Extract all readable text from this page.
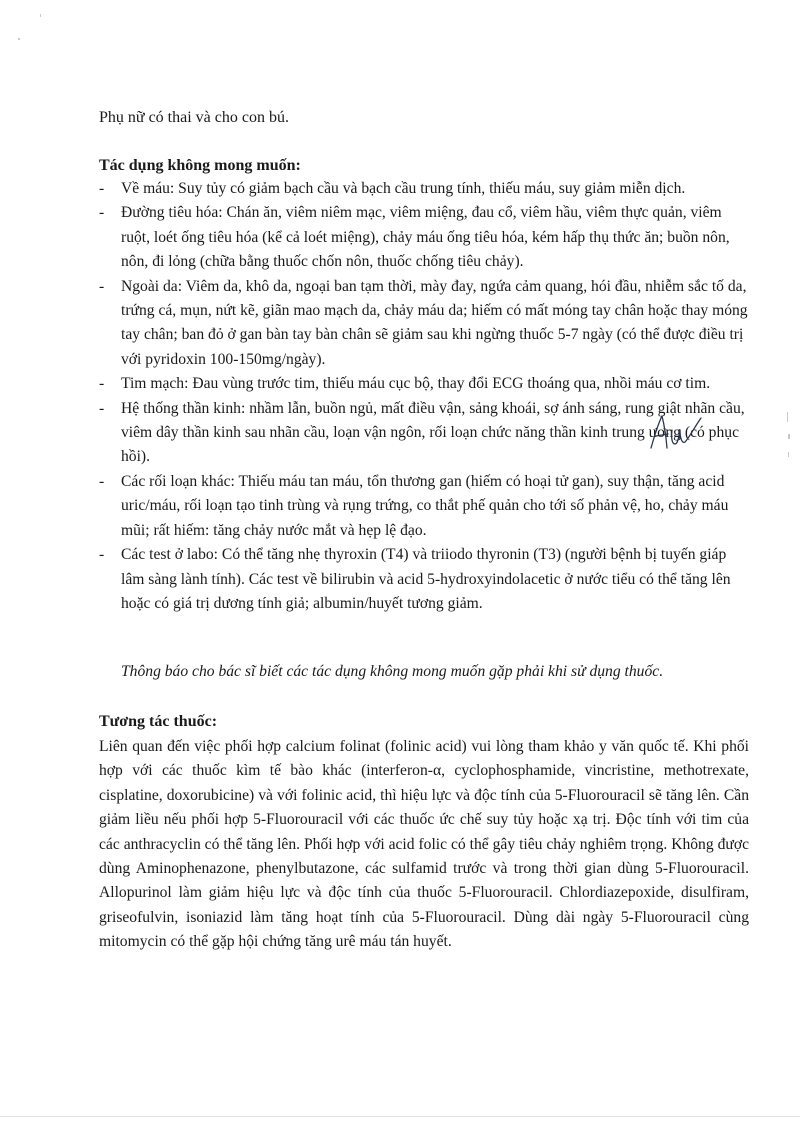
Phụ nữ có thai và cho con bú.
Tác dụng không mong muốn:
- Về máu: Suy tủy có giảm bạch cầu và bạch cầu trung tính, thiếu máu, suy giảm miễn dịch.
- Đường tiêu hóa: Chán ăn, viêm niêm mạc, viêm miệng, đau cổ, viêm hầu, viêm thực quản, viêm ruột, loét ống tiêu hóa (kể cả loét miệng), chảy máu ống tiêu hóa, kém hấp thụ thức ăn; buồn nôn, nôn, đi lỏng (chữa bằng thuốc chốn nôn, thuốc chống tiêu chảy).
- Ngoài da: Viêm da, khô da, ngoại ban tạm thời, mày đay, ngứa cảm quang, hói đầu, nhiễm sắc tố da, trứng cá, mụn, nứt kẽ, giãn mao mạch da, chảy máu da; hiếm có mất móng tay chân hoặc thay móng tay chân; ban đỏ ở gan bàn tay bàn chân sẽ giảm sau khi ngừng thuốc 5-7 ngày (có thể được điều trị với pyridoxin 100-150mg/ngày).
- Tim mạch: Đau vùng trước tim, thiếu máu cục bộ, thay đổi ECG thoáng qua, nhồi máu cơ tim.
- Hệ thống thần kinh: nhầm lẫn, buồn ngủ, mất điều vận, sảng khoái, sợ ánh sáng, rung giật nhãn cầu, viêm dây thần kinh sau nhãn cầu, loạn vận ngôn, rối loạn chức năng thần kinh trung ương (có phục hồi).
- Các rối loạn khác: Thiếu máu tan máu, tổn thương gan (hiếm có hoại tử gan), suy thận, tăng acid uric/máu, rối loạn tạo tinh trùng và rụng trứng, co thắt phế quản cho tới số phản vệ, ho, chảy máu mũi; rất hiếm: tăng chảy nước mắt và hẹp lệ đạo.
- Các test ở labo: Có thể tăng nhẹ thyroxin (T4) và triiodo thyronin (T3) (người bệnh bị tuyến giáp lâm sàng lành tính). Các test về bilirubin và acid 5-hydroxyindolacetic ở nước tiểu có thể tăng lên hoặc có giá trị dương tính giả; albumin/huyết tương giảm.
Thông báo cho bác sĩ biết các tác dụng không mong muốn gặp phải khi sử dụng thuốc.
Tương tác thuốc:

Liên quan đến việc phối hợp calcium folinat (folinic acid) vui lòng tham khảo y văn quốc tế. Khi phối hợp với các thuốc kìm tế bào khác (interferon-α, cyclophosphamide, vincristine, methotrexate, cisplatine, doxorubicine) và với folinic acid, thì hiệu lực và độc tính của 5-Fluorouracil sẽ tăng lên. Cần giảm liều nếu phối hợp 5-Fluorouracil với các thuốc ức chế suy tủy hoặc xạ trị. Độc tính với tim của các anthracyclin có thể tăng lên. Phối hợp với acid folic có thể gây tiêu chảy nghiêm trọng. Không được dùng Aminophenazone, phenylbutazone, các sulfamid trước và trong thời gian dùng 5-Fluorouracil. Allopurinol làm giảm hiệu lực và độc tính của thuốc 5-Fluorouracil. Chlordiazepoxide, disulfiram, griseofulvin, isoniazid làm tăng hoạt tính của 5-Fluorouracil. Dùng dài ngày 5-Fluorouracil cùng mitomycin có thể gặp hội chứng tăng urê máu tán huyết.
